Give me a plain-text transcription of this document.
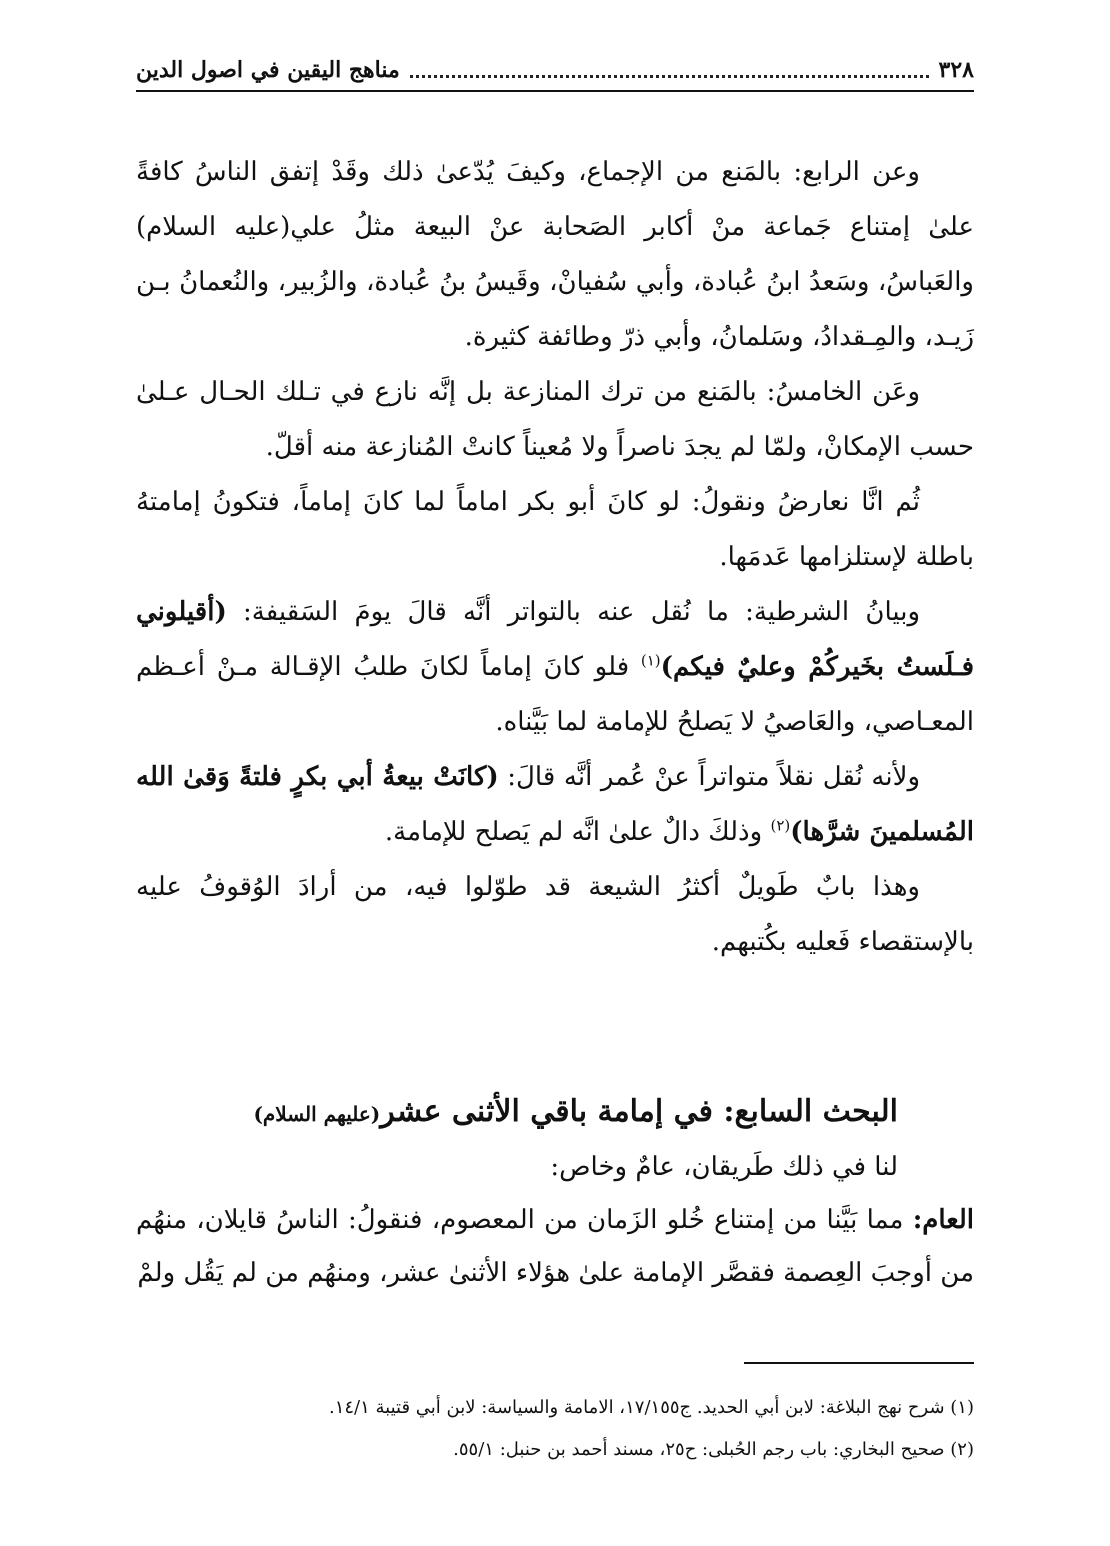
٣٢٨
مناهج اليقين في اصول الدين

وعن الرابع: بالمَنع من الإجماع، وكيفَ يُدّعىٰ ذلك وقَدْ إتفق الناسُ كافةً علىٰ إمتناع جَماعة منْ أكابر الصَحابة عنْ البيعة مثلُ علي(عليه السلام) والعَباسُ، وسَعدُ ابنُ عُبادة، وأبي سُفيانْ، وقَيسُ بنُ عُبادة، والزُبير، والنُعمانُ بـن زَيـد، والمِـقدادُ، وسَلمانُ، وأبي ذرّ وطائفة كثيرة.

وعَن الخامسُ: بالمَنع من ترك المنازعة بل إنَّه نازع في تـلك الحـال عـلىٰ حسب الإمكانْ، ولمّا لم يجدَ ناصراً ولا مُعيناً كانتْ المُنازعة منه أقلّ.

ثُم انَّا نعارضُ ونقولُ: لو كانَ أبو بكر اماماً لما كانَ إماماً، فتكونُ إمامتهُ باطلة لإستلزامها عَدمَها.

وبيانُ الشرطية: ما نُقل عنه بالتواتر أنَّه قالَ يومَ السَقيفة: (أقيلوني فـلَستُ بخَيركُمْ وعليٌ فيكم)$^{(١)}$ فلو كانَ إماماً لكانَ طلبُ الإقـالة مـنْ أعـظم المعـاصي، والعَاصيُ لا يَصلحُ للإمامة لما بَيَّناه.

ولأنه نُقل نقلاً متواتراً عنْ عُمر أنَّه قالَ: (كانَتْ بيعةُ أبي بكرٍ فلتةً وَقىٰ الله المُسلمينَ شرَّها)$^{(٢)}$ وذلكَ دالٌ علىٰ انَّه لم يَصلح للإمامة.

وهذا بابٌ طَويلٌ أكثرُ الشيعة قد طوّلوا فيه، من أرادَ الوُقوفُ عليه بالإستقصاء فَعليه بكُتبهم.

البحث السابع: في إمامة باقي الأثنى عشر(عليهم السلام)

لنا في ذلك طَريقان، عامٌ وخاص:

العام: مما بَيَّنا من إمتناع خُلو الزَمان من المعصوم، فنقولُ: الناسُ قايلان، منهُم من أوجبَ العِصمة فقصَّر الإمامة علىٰ هؤلاء الأثنىٰ عشر، ومنهُم من لم يَقُل ولمْ

(١) شرح نهج البلاغة: لابن أبي الحديد. ج١٧/١٥٥، الامامة والسياسة: لابن أبي قتيبة ١٤/١.
(٢) صحيح البخاري: باب رجم الحُبلى: ح٢٥، مسند أحمد بن حنبل: ٥٥/١.
